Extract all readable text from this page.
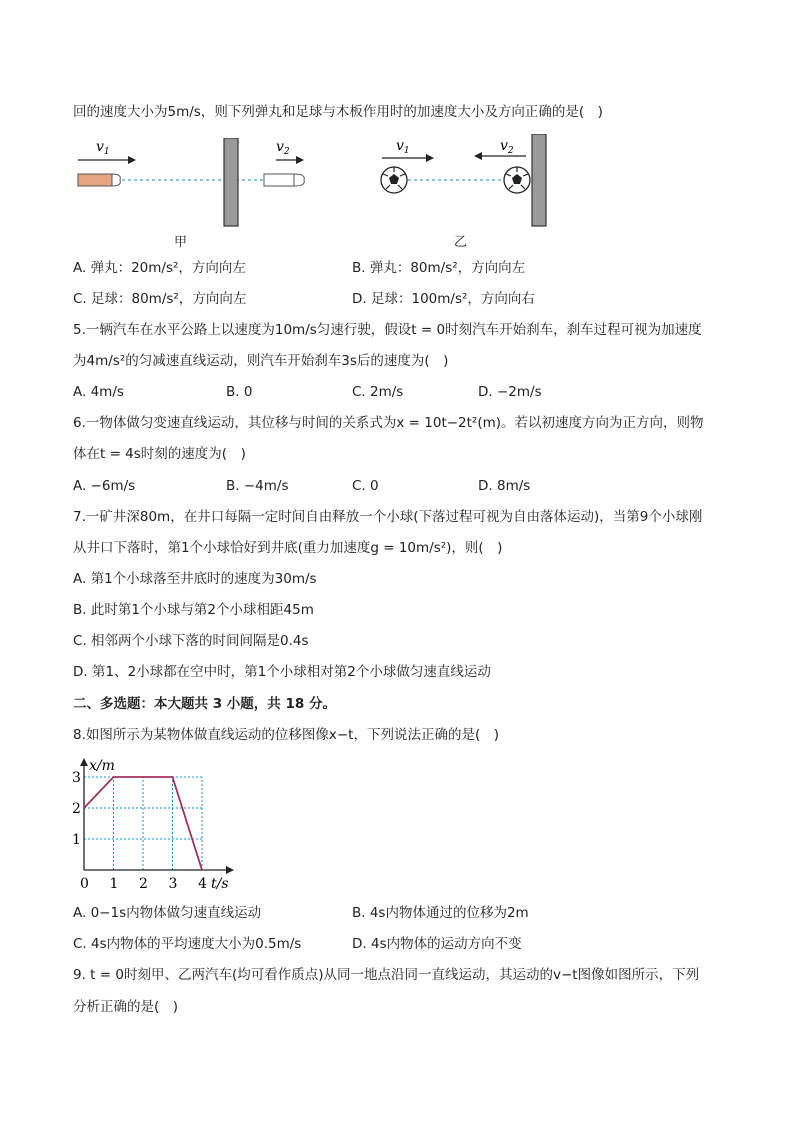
回的速度大小为5m/s，则下列弹丸和足球与木板作用时的加速度大小及方向正确的是(　)
$v_1$	$v_2$
甲
$v_1$	$v_2$
乙
A. 弹丸：20m/s²，方向向左	B. 弹丸：80m/s²，方向向左
C. 足球：80m/s²，方向向左	D. 足球：100m/s²，方向向右
5.一辆汽车在水平公路上以速度为10m/s匀速行驶，假设t = 0时刻汽车开始刹车，刹车过程可视为加速度
为4m/s²的匀减速直线运动，则汽车开始刹车3s后的速度为(　)
A. 4m/s	B. 0	C. 2m/s	D. −2m/s
6.一物体做匀变速直线运动，其位移与时间的关系式为x = 10t−2t²(m)。若以初速度方向为正方向，则物
体在t = 4s时刻的速度为(　)
A. −6m/s	B. −4m/s	C. 0	D. 8m/s
7.一矿井深80m，在井口每隔一定时间自由释放一个小球(下落过程可视为自由落体运动)，当第9个小球刚
从井口下落时，第1个小球恰好到井底(重力加速度g = 10m/s²)，则(　)
A. 第1个小球落至井底时的速度为30m/s
B. 此时第1个小球与第2个小球相距45m
C. 相邻两个小球下落的时间间隔是0.4s
D. 第1、2小球都在空中时，第1个小球相对第2个小球做匀速直线运动
二、多选题：本大题共 3 小题，共 18 分。
8.如图所示为某物体做直线运动的位移图像x−t，下列说法正确的是(　)
x/m
t/s
0 1 2 3 4
1
2
3
A. 0−1s内物体做匀速直线运动	B. 4s内物体通过的位移为2m
C. 4s内物体的平均速度大小为0.5m/s	D. 4s内物体的运动方向不变
9. t = 0时刻甲、乙两汽车(均可看作质点)从同一地点沿同一直线运动，其运动的v−t图像如图所示，下列
分析正确的是(　)
